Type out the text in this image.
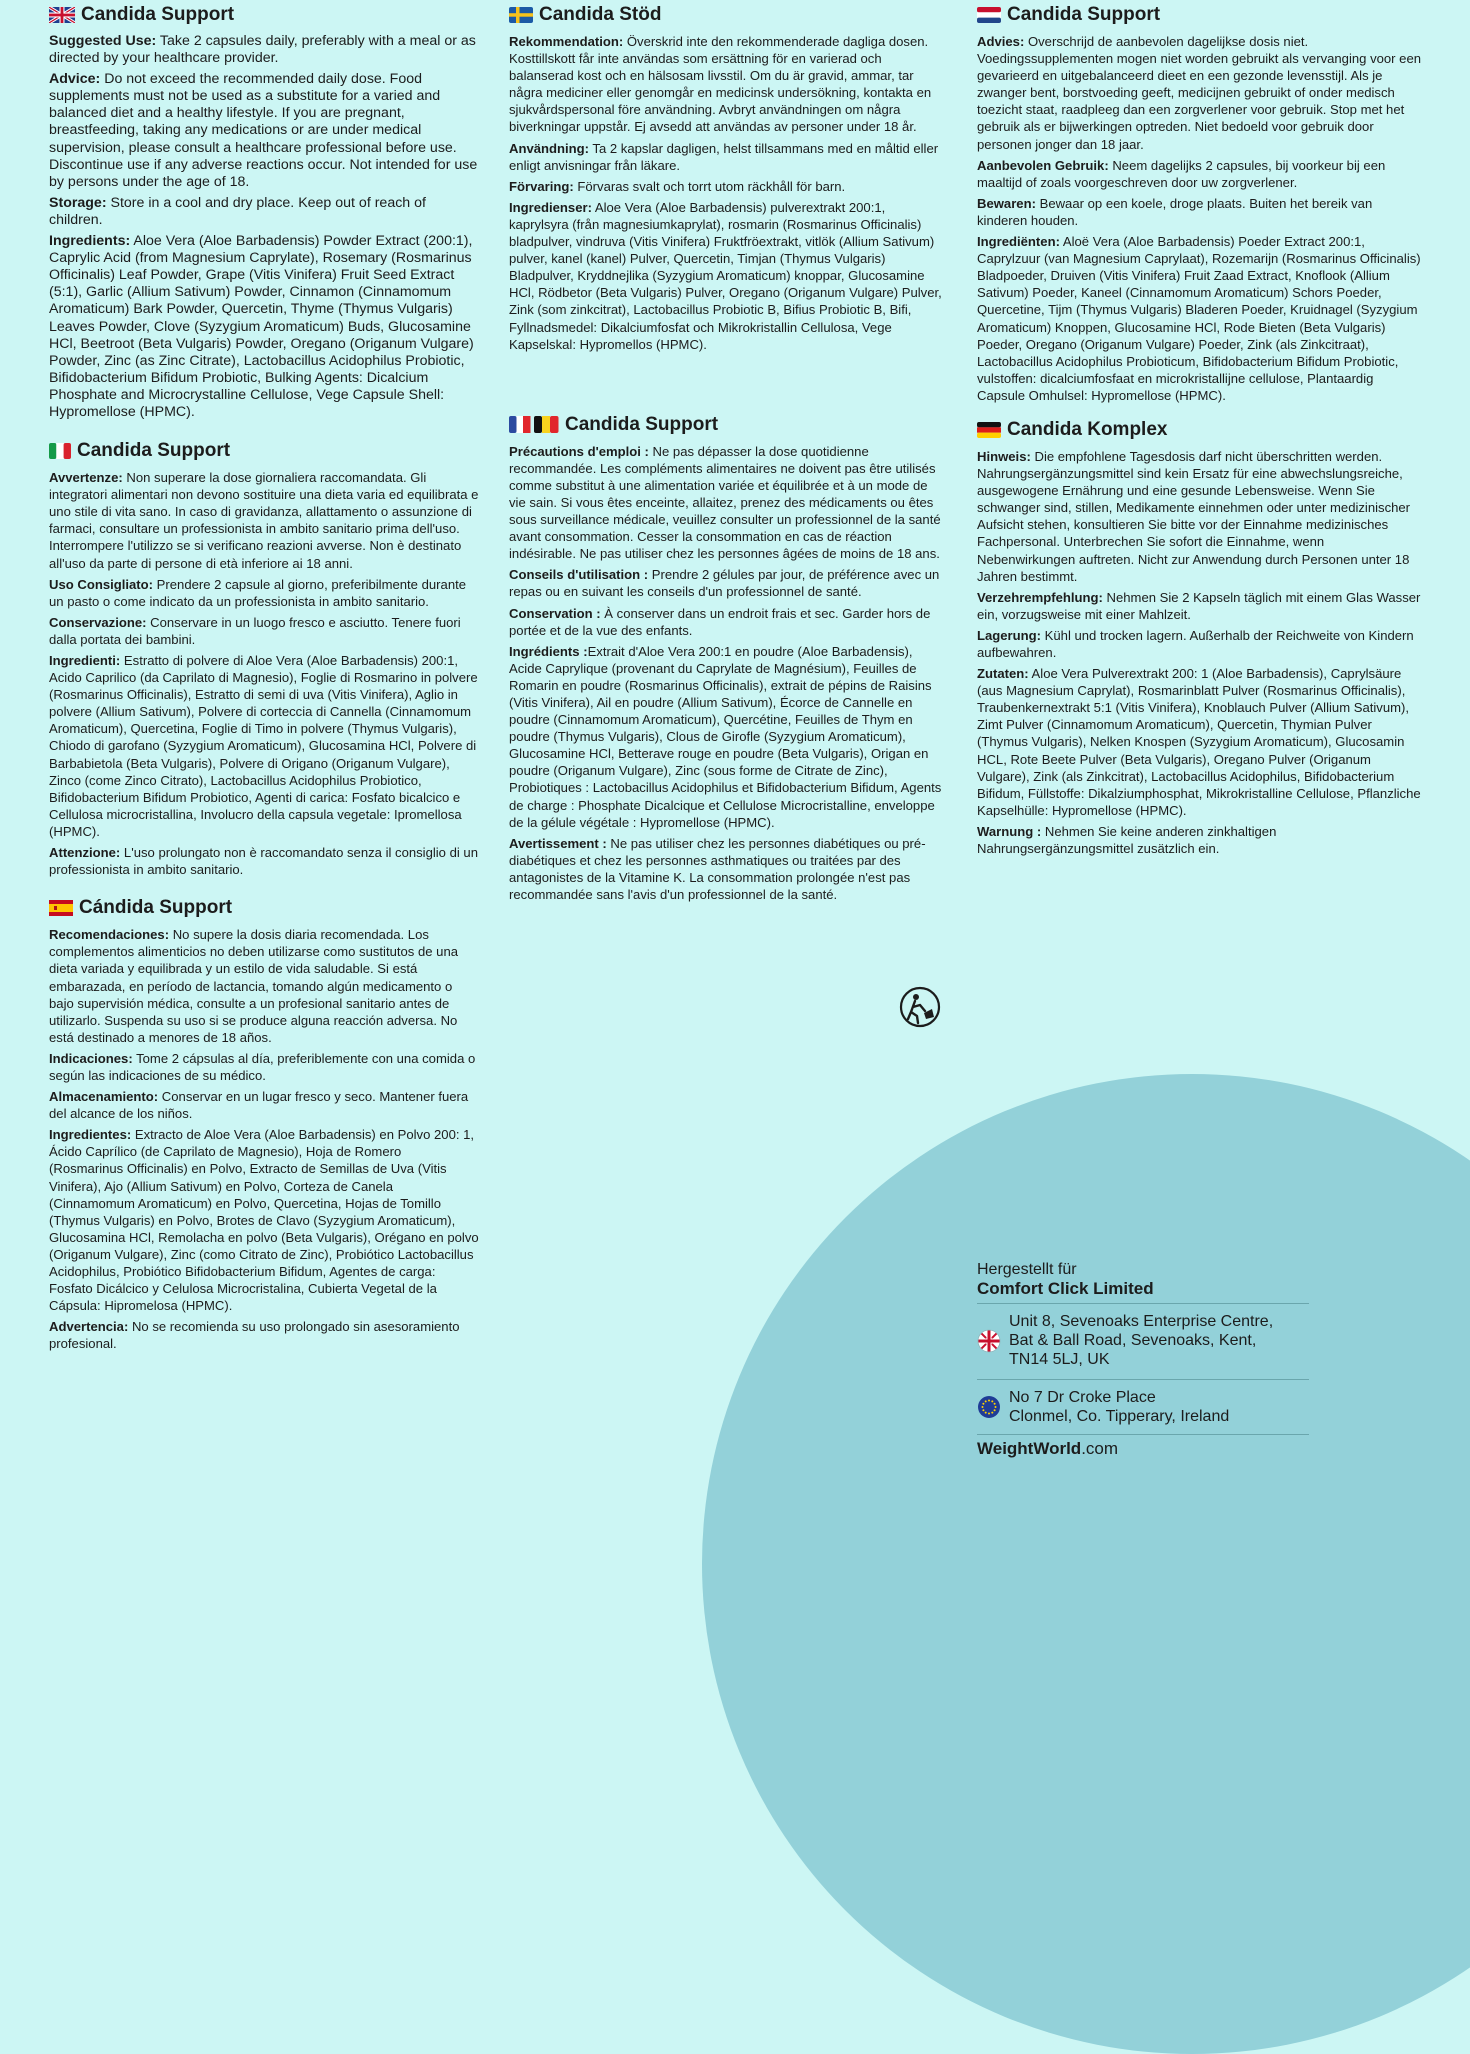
Candida Support

Suggested Use: Take 2 capsules daily, preferably with a meal or as directed by your healthcare provider.

Advice: Do not exceed the recommended daily dose. Food supplements must not be used as a substitute for a varied and balanced diet and a healthy lifestyle. If you are pregnant, breastfeeding, taking any medications or are under medical supervision, please consult a healthcare professional before use. Discontinue use if any adverse reactions occur. Not intended for use by persons under the age of 18.

Storage: Store in a cool and dry place. Keep out of reach of children.

Ingredients: Aloe Vera (Aloe Barbadensis) Powder Extract (200:1), Caprylic Acid (from Magnesium Caprylate), Rosemary (Rosmarinus Officinalis) Leaf Powder, Grape (Vitis Vinifera) Fruit Seed Extract (5:1), Garlic (Allium Sativum) Powder, Cinnamon (Cinnamomum Aromaticum) Bark Powder, Quercetin, Thyme (Thymus Vulgaris) Leaves Powder, Clove (Syzygium Aromaticum) Buds, Glucosamine HCl, Beetroot (Beta Vulgaris) Powder, Oregano (Origanum Vulgare) Powder, Zinc (as Zinc Citrate), Lactobacillus Acidophilus Probiotic, Bifidobacterium Bifidum Probiotic, Bulking Agents: Dicalcium Phosphate and Microcrystalline Cellulose, Vege Capsule Shell: Hypromellose (HPMC).

Candida Support

Avvertenze: Non superare la dose giornaliera raccomandata. Gli integratori alimentari non devono sostituire una dieta varia ed equilibrata e uno stile di vita sano. In caso di gravidanza, allattamento o assunzione di farmaci, consultare un professionista in ambito sanitario prima dell'uso. Interrompere l'utilizzo se si verificano reazioni avverse. Non è destinato all'uso da parte di persone di età inferiore ai 18 anni.

Uso Consigliato: Prendere 2 capsule al giorno, preferibilmente durante un pasto o come indicato da un professionista in ambito sanitario.

Conservazione: Conservare in un luogo fresco e asciutto. Tenere fuori dalla portata dei bambini.

Ingredienti: Estratto di polvere di Aloe Vera (Aloe Barbadensis) 200:1, Acido Caprilico (da Caprilato di Magnesio), Foglie di Rosmarino in polvere (Rosmarinus Officinalis), Estratto di semi di uva (Vitis Vinifera), Aglio in polvere (Allium Sativum), Polvere di corteccia di Cannella (Cinnamomum Aromaticum), Quercetina, Foglie di Timo in polvere (Thymus Vulgaris), Chiodo di garofano (Syzygium Aromaticum), Glucosamina HCl, Polvere di Barbabietola (Beta Vulgaris), Polvere di Origano (Origanum Vulgare), Zinco (come Zinco Citrato), Lactobacillus Acidophilus Probiotico, Bifidobacterium Bifidum Probiotico, Agenti di carica: Fosfato bicalcico e Cellulosa microcristallina, Involucro della capsula vegetale: Ipromellosa (HPMC).

Attenzione: L'uso prolungato non è raccomandato senza il consiglio di un professionista in ambito sanitario.

Cándida Support

Recomendaciones: No supere la dosis diaria recomendada. Los complementos alimenticios no deben utilizarse como sustitutos de una dieta variada y equilibrada y un estilo de vida saludable. Si está embarazada, en período de lactancia, tomando algún medicamento o bajo supervisión médica, consulte a un profesional sanitario antes de utilizarlo. Suspenda su uso si se produce alguna reacción adversa. No está destinado a menores de 18 años.

Indicaciones: Tome 2 cápsulas al día, preferiblemente con una comida o según las indicaciones de su médico.

Almacenamiento: Conservar en un lugar fresco y seco. Mantener fuera del alcance de los niños.

Ingredientes: Extracto de Aloe Vera (Aloe Barbadensis) en Polvo 200: 1, Ácido Caprílico (de Caprilato de Magnesio), Hoja de Romero (Rosmarinus Officinalis) en Polvo, Extracto de Semillas de Uva (Vitis Vinifera), Ajo (Allium Sativum) en Polvo, Corteza de Canela (Cinnamomum Aromaticum) en Polvo, Quercetina, Hojas de Tomillo (Thymus Vulgaris) en Polvo, Brotes de Clavo (Syzygium Aromaticum), Glucosamina HCl, Remolacha en polvo (Beta Vulgaris), Orégano en polvo (Origanum Vulgare), Zinc (como Citrato de Zinc), Probiótico Lactobacillus Acidophilus, Probiótico Bifidobacterium Bifidum, Agentes de carga: Fosfato Dicálcico y Celulosa Microcristalina, Cubierta Vegetal de la Cápsula: Hipromelosa (HPMC).

Advertencia: No se recomienda su uso prolongado sin asesoramiento profesional.

Candida Stöd

Rekommendation: Överskrid inte den rekommenderade dagliga dosen. Kosttillskott får inte användas som ersättning för en varierad och balanserad kost och en hälsosam livsstil. Om du är gravid, ammar, tar några mediciner eller genomgår en medicinsk undersökning, kontakta en sjukvårdspersonal före användning. Avbryt användningen om några biverkningar uppstår. Ej avsedd att användas av personer under 18 år.

Användning: Ta 2 kapslar dagligen, helst tillsammans med en måltid eller enligt anvisningar från läkare.

Förvaring: Förvaras svalt och torrt utom räckhåll för barn.

Ingredienser: Aloe Vera (Aloe Barbadensis) pulverextrakt 200:1, kaprylsyra (från magnesiumkaprylat), rosmarin (Rosmarinus Officinalis) bladpulver, vindruva (Vitis Vinifera) Fruktfröextrakt, vitlök (Allium Sativum) pulver, kanel (kanel) Pulver, Quercetin, Timjan (Thymus Vulgaris) Bladpulver, Kryddnejlika (Syzygium Aromaticum) knoppar, Glucosamine HCl, Rödbetor (Beta Vulgaris) Pulver, Oregano (Origanum Vulgare) Pulver, Zink (som zinkcitrat), Lactobacillus Probiotic B, Bifius Probiotic B, Bifi, Fyllnadsmedel: Dikalciumfosfat och Mikrokristallin Cellulosa, Vege Kapselskal: Hypromellos (HPMC).

Candida Support

Précautions d'emploi : Ne pas dépasser la dose quotidienne recommandée. Les compléments alimentaires ne doivent pas être utilisés comme substitut à une alimentation variée et équilibrée et à un mode de vie sain. Si vous êtes enceinte, allaitez, prenez des médicaments ou êtes sous surveillance médicale, veuillez consulter un professionnel de la santé avant consommation. Cesser la consommation en cas de réaction indésirable. Ne pas utiliser chez les personnes âgées de moins de 18 ans.

Conseils d'utilisation : Prendre 2 gélules par jour, de préférence avec un repas ou en suivant les conseils d'un professionnel de santé.

Conservation : À conserver dans un endroit frais et sec. Garder hors de portée et de la vue des enfants.

Ingrédients :Extrait d'Aloe Vera 200:1 en poudre (Aloe Barbadensis), Acide Caprylique (provenant du Caprylate de Magnésium), Feuilles de Romarin en poudre (Rosmarinus Officinalis), extrait de pépins de Raisins (Vitis Vinifera), Ail en poudre (Allium Sativum), Écorce de Cannelle en poudre (Cinnamomum Aromaticum), Quercétine, Feuilles de Thym en poudre (Thymus Vulgaris), Clous de Girofle (Syzygium Aromaticum), Glucosamine HCl, Betterave rouge en poudre (Beta Vulgaris), Origan en poudre (Origanum Vulgare), Zinc (sous forme de Citrate de Zinc), Probiotiques : Lactobacillus Acidophilus et Bifidobacterium Bifidum, Agents de charge : Phosphate Dicalcique et Cellulose Microcristalline, enveloppe de la gélule végétale : Hypromellose (HPMC).

Avertissement : Ne pas utiliser chez les personnes diabétiques ou pré-diabétiques et chez les personnes asthmatiques ou traitées par des antagonistes de la Vitamine K. La consommation prolongée n'est pas recommandée sans l'avis d'un professionnel de la santé.

Candida Support

Advies: Overschrijd de aanbevolen dagelijkse dosis niet. Voedingssupplementen mogen niet worden gebruikt als vervanging voor een gevarieerd en uitgebalanceerd dieet en een gezonde levensstijl. Als je zwanger bent, borstvoeding geeft, medicijnen gebruikt of onder medisch toezicht staat, raadpleeg dan een zorgverlener voor gebruik. Stop met het gebruik als er bijwerkingen optreden. Niet bedoeld voor gebruik door personen jonger dan 18 jaar.

Aanbevolen Gebruik: Neem dagelijks 2 capsules, bij voorkeur bij een maaltijd of zoals voorgeschreven door uw zorgverlener.

Bewaren: Bewaar op een koele, droge plaats. Buiten het bereik van kinderen houden.

Ingrediënten: Aloë Vera (Aloe Barbadensis) Poeder Extract 200:1, Caprylzuur (van Magnesium Caprylaat), Rozemarijn (Rosmarinus Officinalis) Bladpoeder, Druiven (Vitis Vinifera) Fruit Zaad Extract, Knoflook (Allium Sativum) Poeder, Kaneel (Cinnamomum Aromaticum) Schors Poeder, Quercetine, Tijm (Thymus Vulgaris) Bladeren Poeder, Kruidnagel (Syzygium Aromaticum) Knoppen, Glucosamine HCl, Rode Bieten (Beta Vulgaris) Poeder, Oregano (Origanum Vulgare) Poeder, Zink (als Zinkcitraat), Lactobacillus Acidophilus Probioticum, Bifidobacterium Bifidum Probiotic, vulstoffen: dicalciumfosfaat en microkristallijne cellulose, Plantaardig Capsule Omhulsel: Hypromellose (HPMC).

Candida Komplex

Hinweis: Die empfohlene Tagesdosis darf nicht überschritten werden. Nahrungsergänzungsmittel sind kein Ersatz für eine abwechslungsreiche, ausgewogene Ernährung und eine gesunde Lebensweise. Wenn Sie schwanger sind, stillen, Medikamente einnehmen oder unter medizinischer Aufsicht stehen, konsultieren Sie bitte vor der Einnahme medizinisches Fachpersonal. Unterbrechen Sie sofort die Einnahme, wenn Nebenwirkungen auftreten. Nicht zur Anwendung durch Personen unter 18 Jahren bestimmt.

Verzehrempfehlung: Nehmen Sie 2 Kapseln täglich mit einem Glas Wasser ein, vorzugsweise mit einer Mahlzeit.

Lagerung: Kühl und trocken lagern. Außerhalb der Reichweite von Kindern aufbewahren.

Zutaten: Aloe Vera Pulverextrakt 200: 1 (Aloe Barbadensis), Caprylsäure (aus Magnesium Caprylat), Rosmarinblatt Pulver (Rosmarinus Officinalis), Traubenkernextrakt 5:1 (Vitis Vinifera), Knoblauch Pulver (Allium Sativum), Zimt Pulver (Cinnamomum Aromaticum), Quercetin, Thymian Pulver (Thymus Vulgaris), Nelken Knospen (Syzygium Aromaticum), Glucosamin HCL, Rote Beete Pulver (Beta Vulgaris), Oregano Pulver (Origanum Vulgare), Zink (als Zinkcitrat), Lactobacillus Acidophilus, Bifidobacterium Bifidum, Füllstoffe: Dikalziumphosphat, Mikrokristalline Cellulose, Pflanzliche Kapselhülle: Hypromellose (HPMC).

Warnung : Nehmen Sie keine anderen zinkhaltigen Nahrungsergänzungsmittel zusätzlich ein.

Hergestellt für
Comfort Click Limited
Unit 8, Sevenoaks Enterprise Centre,
Bat & Ball Road, Sevenoaks, Kent,
TN14 5LJ, UK
No 7 Dr Croke Place
Clonmel, Co. Tipperary, Ireland
WeightWorld.com
